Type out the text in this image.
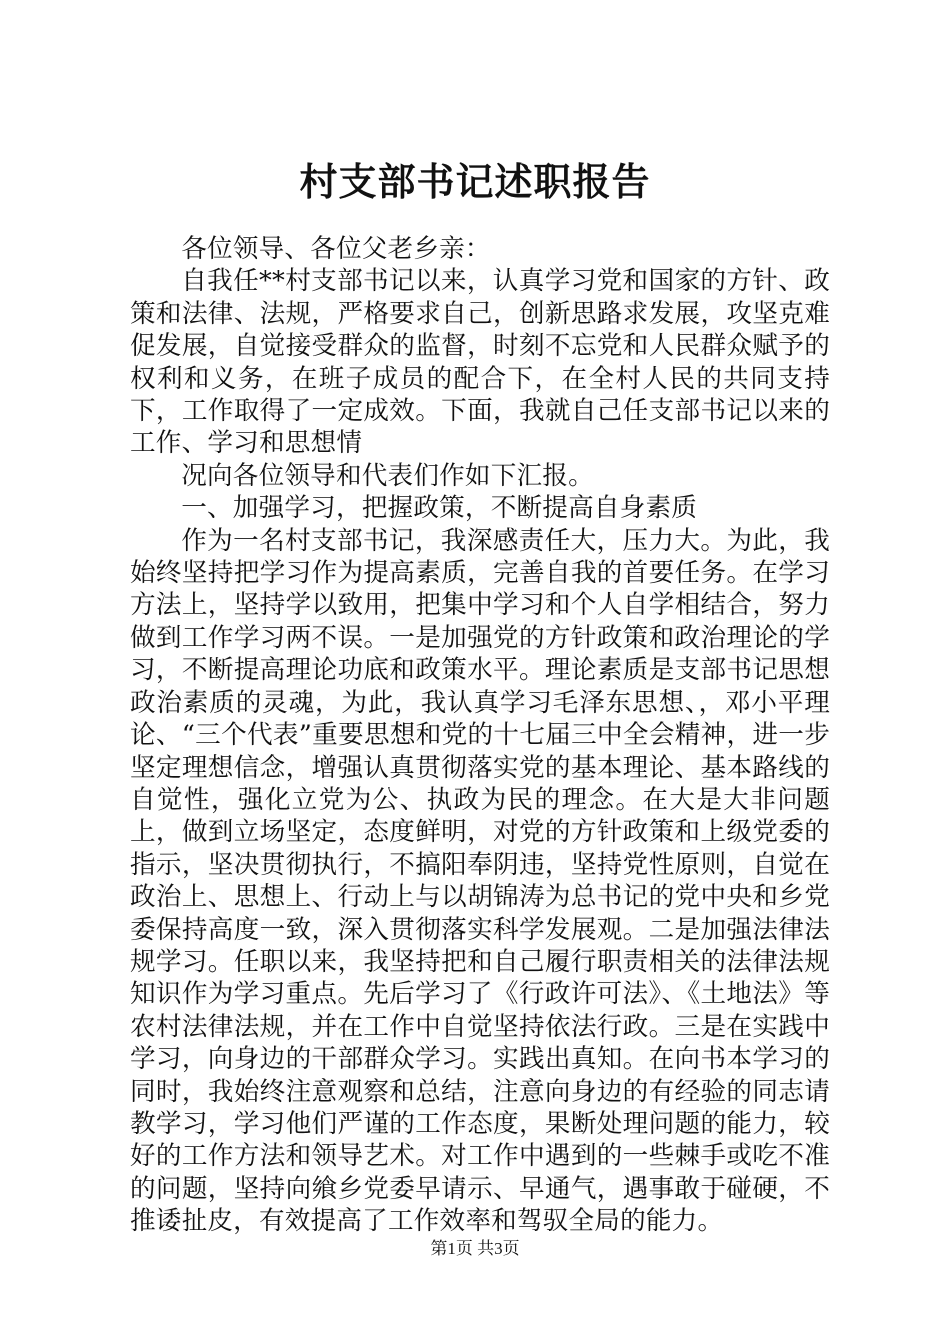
村支部书记述职报告

各位领导、各位父老乡亲：

自我任**村支部书记以来，认真学习党和国家的方针、政策和法律、法规，严格要求自己，创新思路求发展，攻坚克难促发展，自觉接受群众的监督，时刻不忘党和人民群众赋予的权利和义务，在班子成员的配合下，在全村人民的共同支持下，工作取得了一定成效。下面，我就自己任支部书记以来的工作、学习和思想情

况向各位领导和代表们作如下汇报。

一、加强学习，把握政策，不断提高自身素质

作为一名村支部书记，我深感责任大，压力大。为此，我始终坚持把学习作为提高素质，完善自我的首要任务。在学习方法上，坚持学以致用，把集中学习和个人自学相结合，努力做到工作学习两不误。一是加强党的方针政策和政治理论的学习，不断提高理论功底和政策水平。理论素质是支部书记思想政治素质的灵魂，为此，我认真学习毛泽东思想、，邓小平理论、“三个代表”重要思想和党的十七届三中全会精神，进一步坚定理想信念，增强认真贯彻落实党的基本理论、基本路线的自觉性，强化立党为公、执政为民的理念。在大是大非问题上，做到立场坚定，态度鲜明，对党的方针政策和上级党委的指示，坚决贯彻执行，不搞阳奉阴违，坚持党性原则，自觉在政治上、思想上、行动上与以胡锦涛为总书记的党中央和乡党委保持高度一致，深入贯彻落实科学发展观。二是加强法律法规学习。任职以来，我坚持把和自己履行职责相关的法律法规知识作为学习重点。先后学习了《行政许可法》、《土地法》等农村法律法规，并在工作中自觉坚持依法行政。三是在实践中学习，向身边的干部群众学习。实践出真知。在向书本学习的同时，我始终注意观察和总结，注意向身边的有经验的同志请教学习，学习他们严谨的工作态度，果断处理问题的能力，较好的工作方法和领导艺术。对工作中遇到的一些棘手或吃不准的问题，坚持向飨乡党委早请示、早通气，遇事敢于碰硬，不推诿扯皮，有效提高了工作效率和驾驭全局的能力。

第1页 共3页
